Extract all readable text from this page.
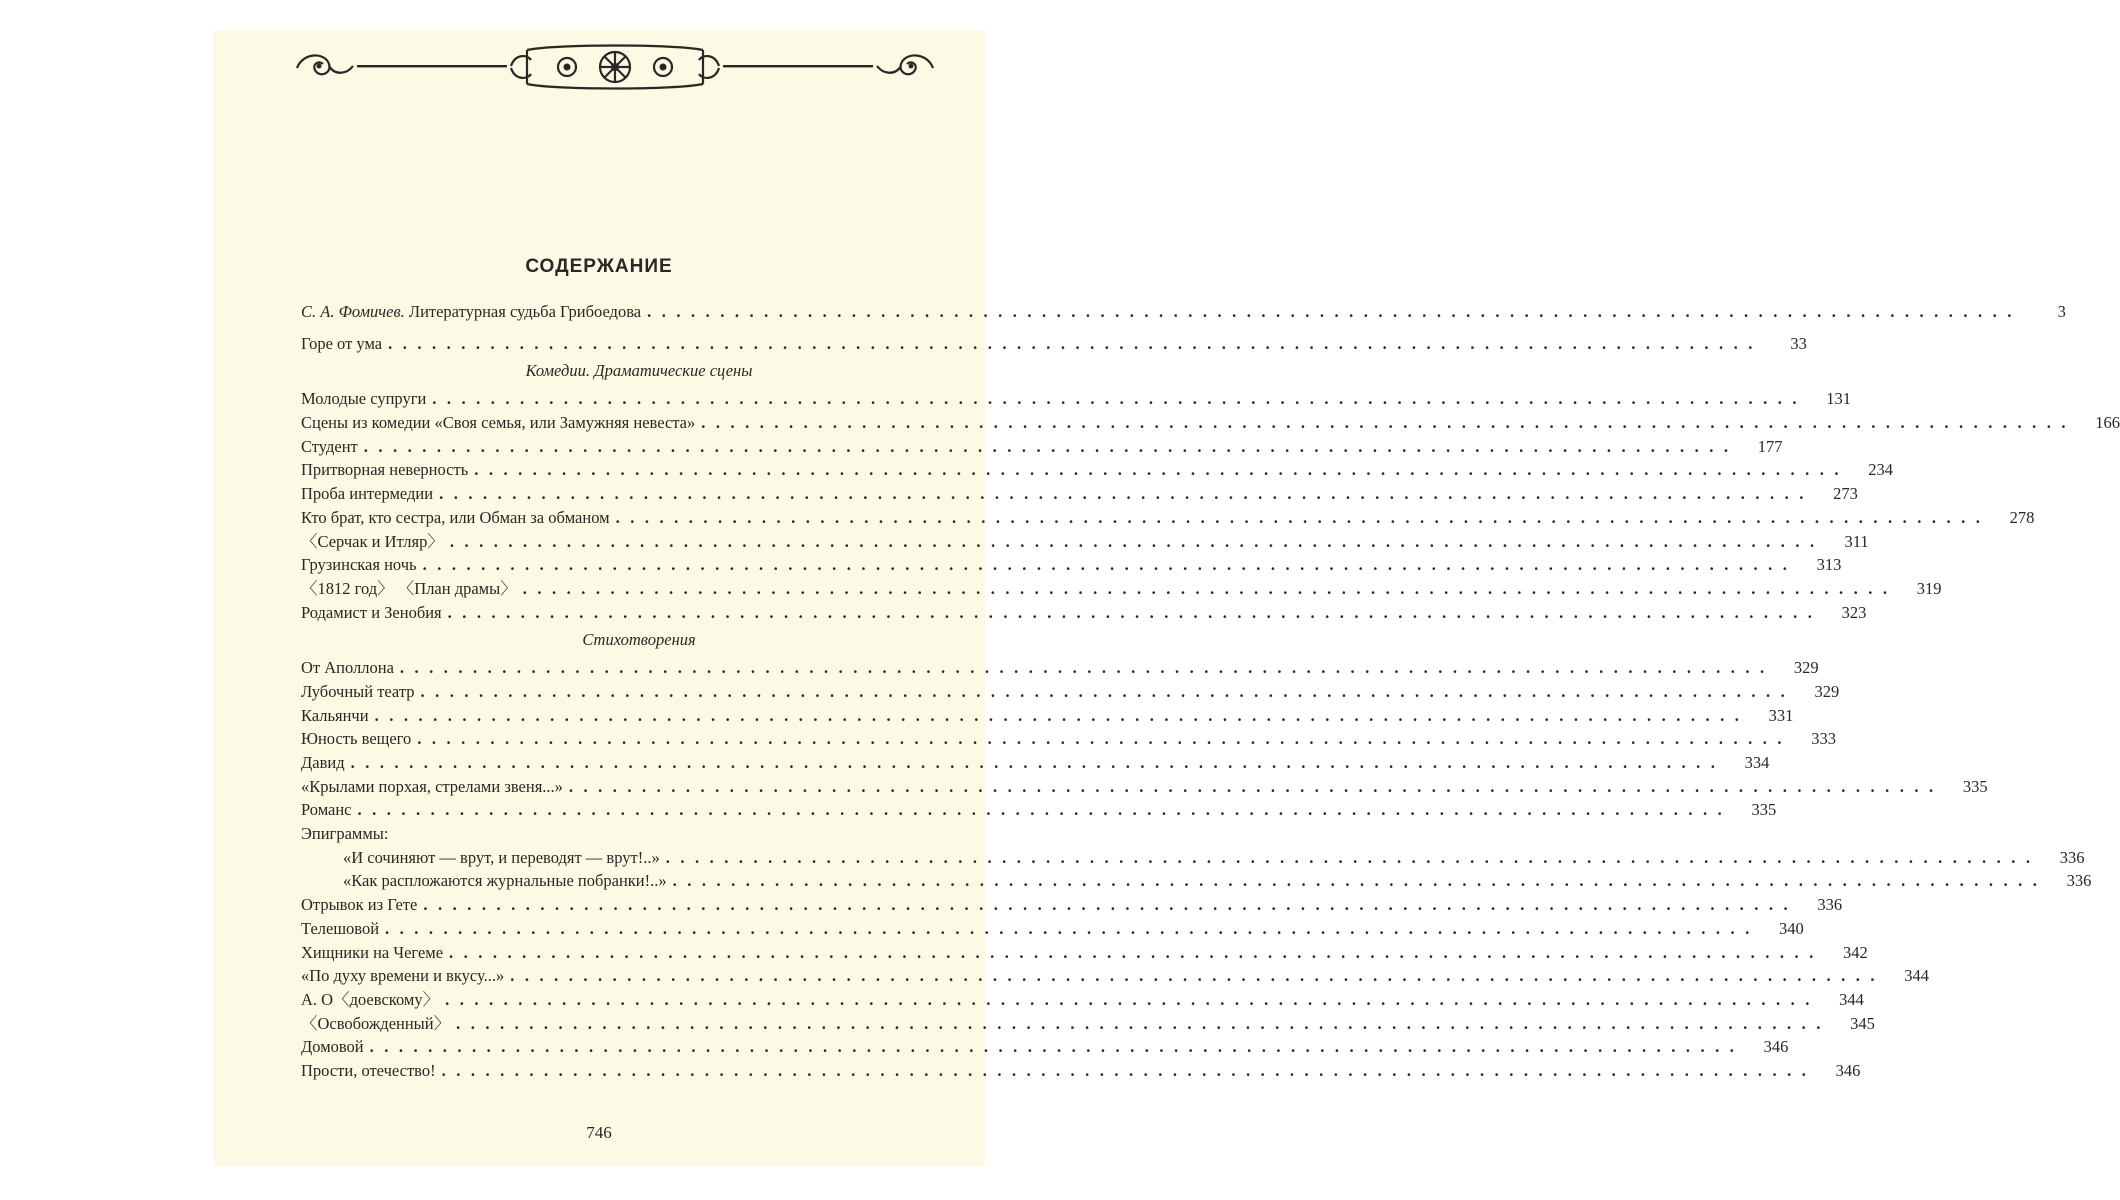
СОДЕРЖАНИЕ
С. А. Фомичев. Литературная судьба Грибоедова ..............................................................................................	3
Горе от ума ..............................................................................................	33
Комедии. Драматические сцены
Молодые супруги ..............................................................................................	131
Сцены из комедии «Своя семья, или Замужняя невеста» ..............................................................................................	166
Студент ..............................................................................................	177
Притворная неверность ..............................................................................................	234
Проба интермедии ..............................................................................................	273
Кто брат, кто сестра, или Обман за обманом ..............................................................................................	278
〈Серчак и Итляр〉 ..............................................................................................	311
Грузинская ночь ..............................................................................................	313
〈1812 год〉 〈План драмы〉 ..............................................................................................	319
Родамист и Зенобия ..............................................................................................	323
Стихотворения
От Аполлона ..............................................................................................	329
Лубочный театр ..............................................................................................	329
Кальянчи ..............................................................................................	331
Юность вещего ..............................................................................................	333
Давид ..............................................................................................	334
«Крылами порхая, стрелами звеня...» ..............................................................................................	335
Романс ..............................................................................................	335
Эпиграммы:
«И сочиняют — врут, и переводят — врут!..» ..............................................................................................	336
«Как распложаются журнальные побранки!..» ..............................................................................................	336
Отрывок из Гете ..............................................................................................	336
Телешовой ..............................................................................................	340
Хищники на Чегеме ..............................................................................................	342
«По духу времени и вкусу...» ..............................................................................................	344
А. О〈доевскому〉 ..............................................................................................	344
〈Освобожденный〉 ..............................................................................................	345
Домовой ..............................................................................................	346
Прости, отечество! ..............................................................................................	346
746
